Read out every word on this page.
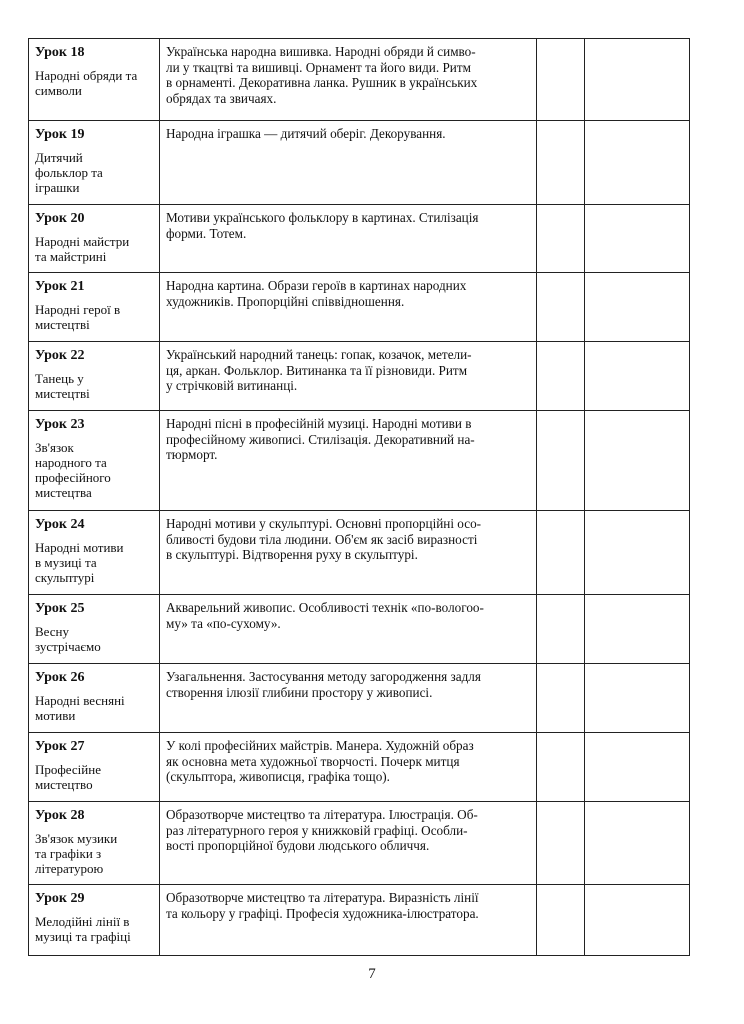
Урок 18
Народні обряди та
символи	Українська народна вишивка. Народні обряди й симво-
ли у ткацтві та вишивці. Орнамент та його види. Ритм
в орнаменті. Декоративна ланка. Рушник в українських
обрядах та звичаях.		

Урок 19
Дитячий
фольклор та
іграшки	Народна іграшка — дитячий оберіг. Декорування.		

Урок 20
Народні майстри
та майстрині	Мотиви українського фольклору в картинах. Стилізація
форми. Тотем.		

Урок 21
Народні герої в
мистецтві	Народна картина. Образи героїв в картинах народних
художників. Пропорційні співвідношення.		

Урок 22
Танець у
мистецтві	Український народний танець: гопак, козачок, метели-
ця, аркан. Фольклор. Витинанка та її різновиди. Ритм
у стрічковій витинанці.		

Урок 23
Зв'язок
народного та
професійного
мистецтва	Народні пісні в професійній музиці. Народні мотиви в
професійному живописі. Стилізація. Декоративний на-
тюрморт.		

Урок 24
Народні мотиви
в музиці та
скульптурі	Народні мотиви у скульптурі. Основні пропорційні осо-
бливості будови тіла людини. Об'єм як засіб виразності
в скульптурі. Відтворення руху в скульптурі.		

Урок 25
Весну
зустрічаємо	Акварельний живопис. Особливості технік «по-вологоо-
му» та «по-сухому».		

Урок 26
Народні весняні
мотиви	Узагальнення. Застосування методу загородження задля
створення ілюзії глибини простору у живописі.		

Урок 27
Професійне
мистецтво	У колі професійних майстрів. Манера. Художній образ
як основна мета художньої творчості. Почерк митця
(скульптора, живописця, графіка тощо).		

Урок 28
Зв'язок музики
та графіки з
літературою	Образотворче мистецтво та література. Ілюстрація. Об-
раз літературного героя у книжковій графіці. Особли-
вості пропорційної будови людського обличчя.		

Урок 29
Мелодійні лінії в
музиці та графіці	Образотворче мистецтво та література. Виразність лінії
та кольору у графіці. Професія художника-ілюстратора.		
7
